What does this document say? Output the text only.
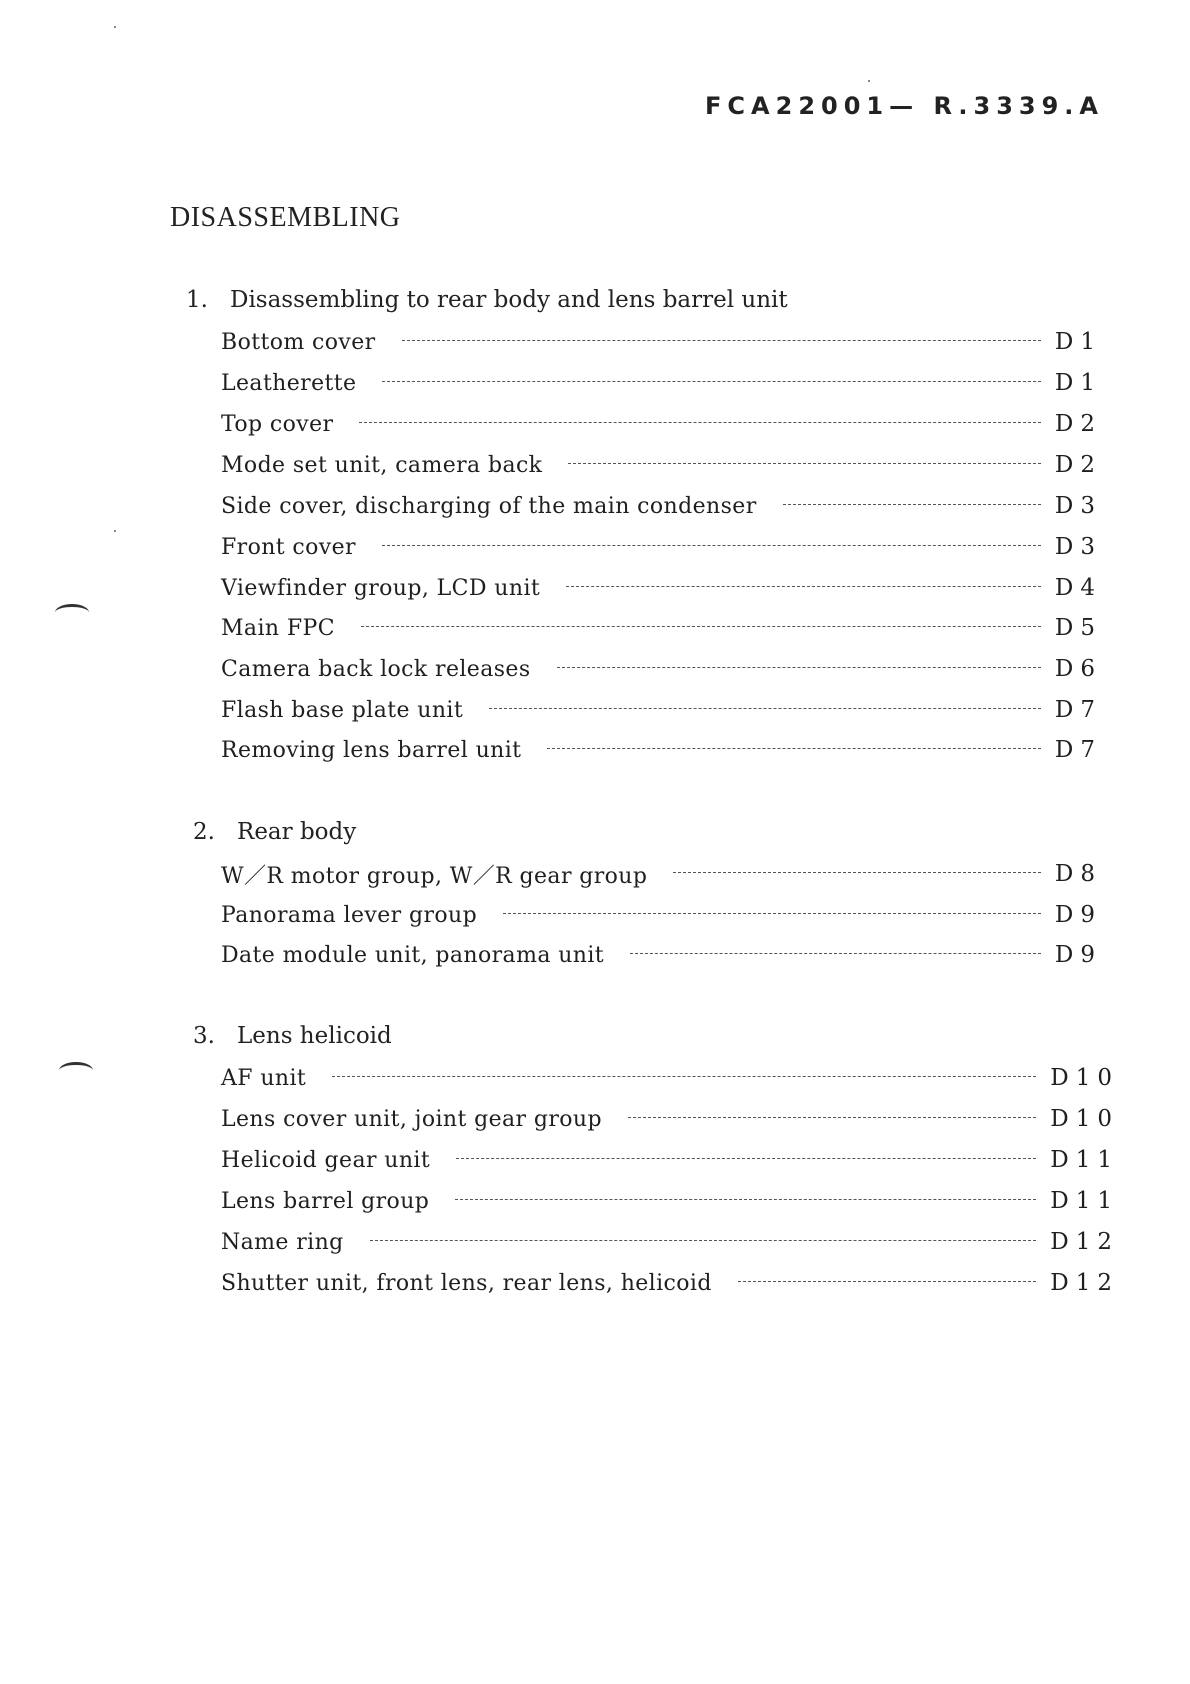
FCA22001— R.3339.A
DISASSEMBLING
1. Disassembling to rear body and lens barrel unit
Bottom cover	D1
Leatherette	D1
Top cover	D2
Mode set unit, camera back	D2
Side cover, discharging of the main condenser	D3
Front cover	D3
Viewfinder group, LCD unit	D4
Main FPC	D5
Camera back lock releases	D6
Flash base plate unit	D7
Removing lens barrel unit	D7
2. Rear body
W／R motor group, W／R gear group	D8
Panorama lever group	D9
Date module unit, panorama unit	D9
3. Lens helicoid
AF unit	D10
Lens cover unit, joint gear group	D10
Helicoid gear unit	D11
Lens barrel group	D11
Name ring	D12
Shutter unit, front lens, rear lens, helicoid	D12
